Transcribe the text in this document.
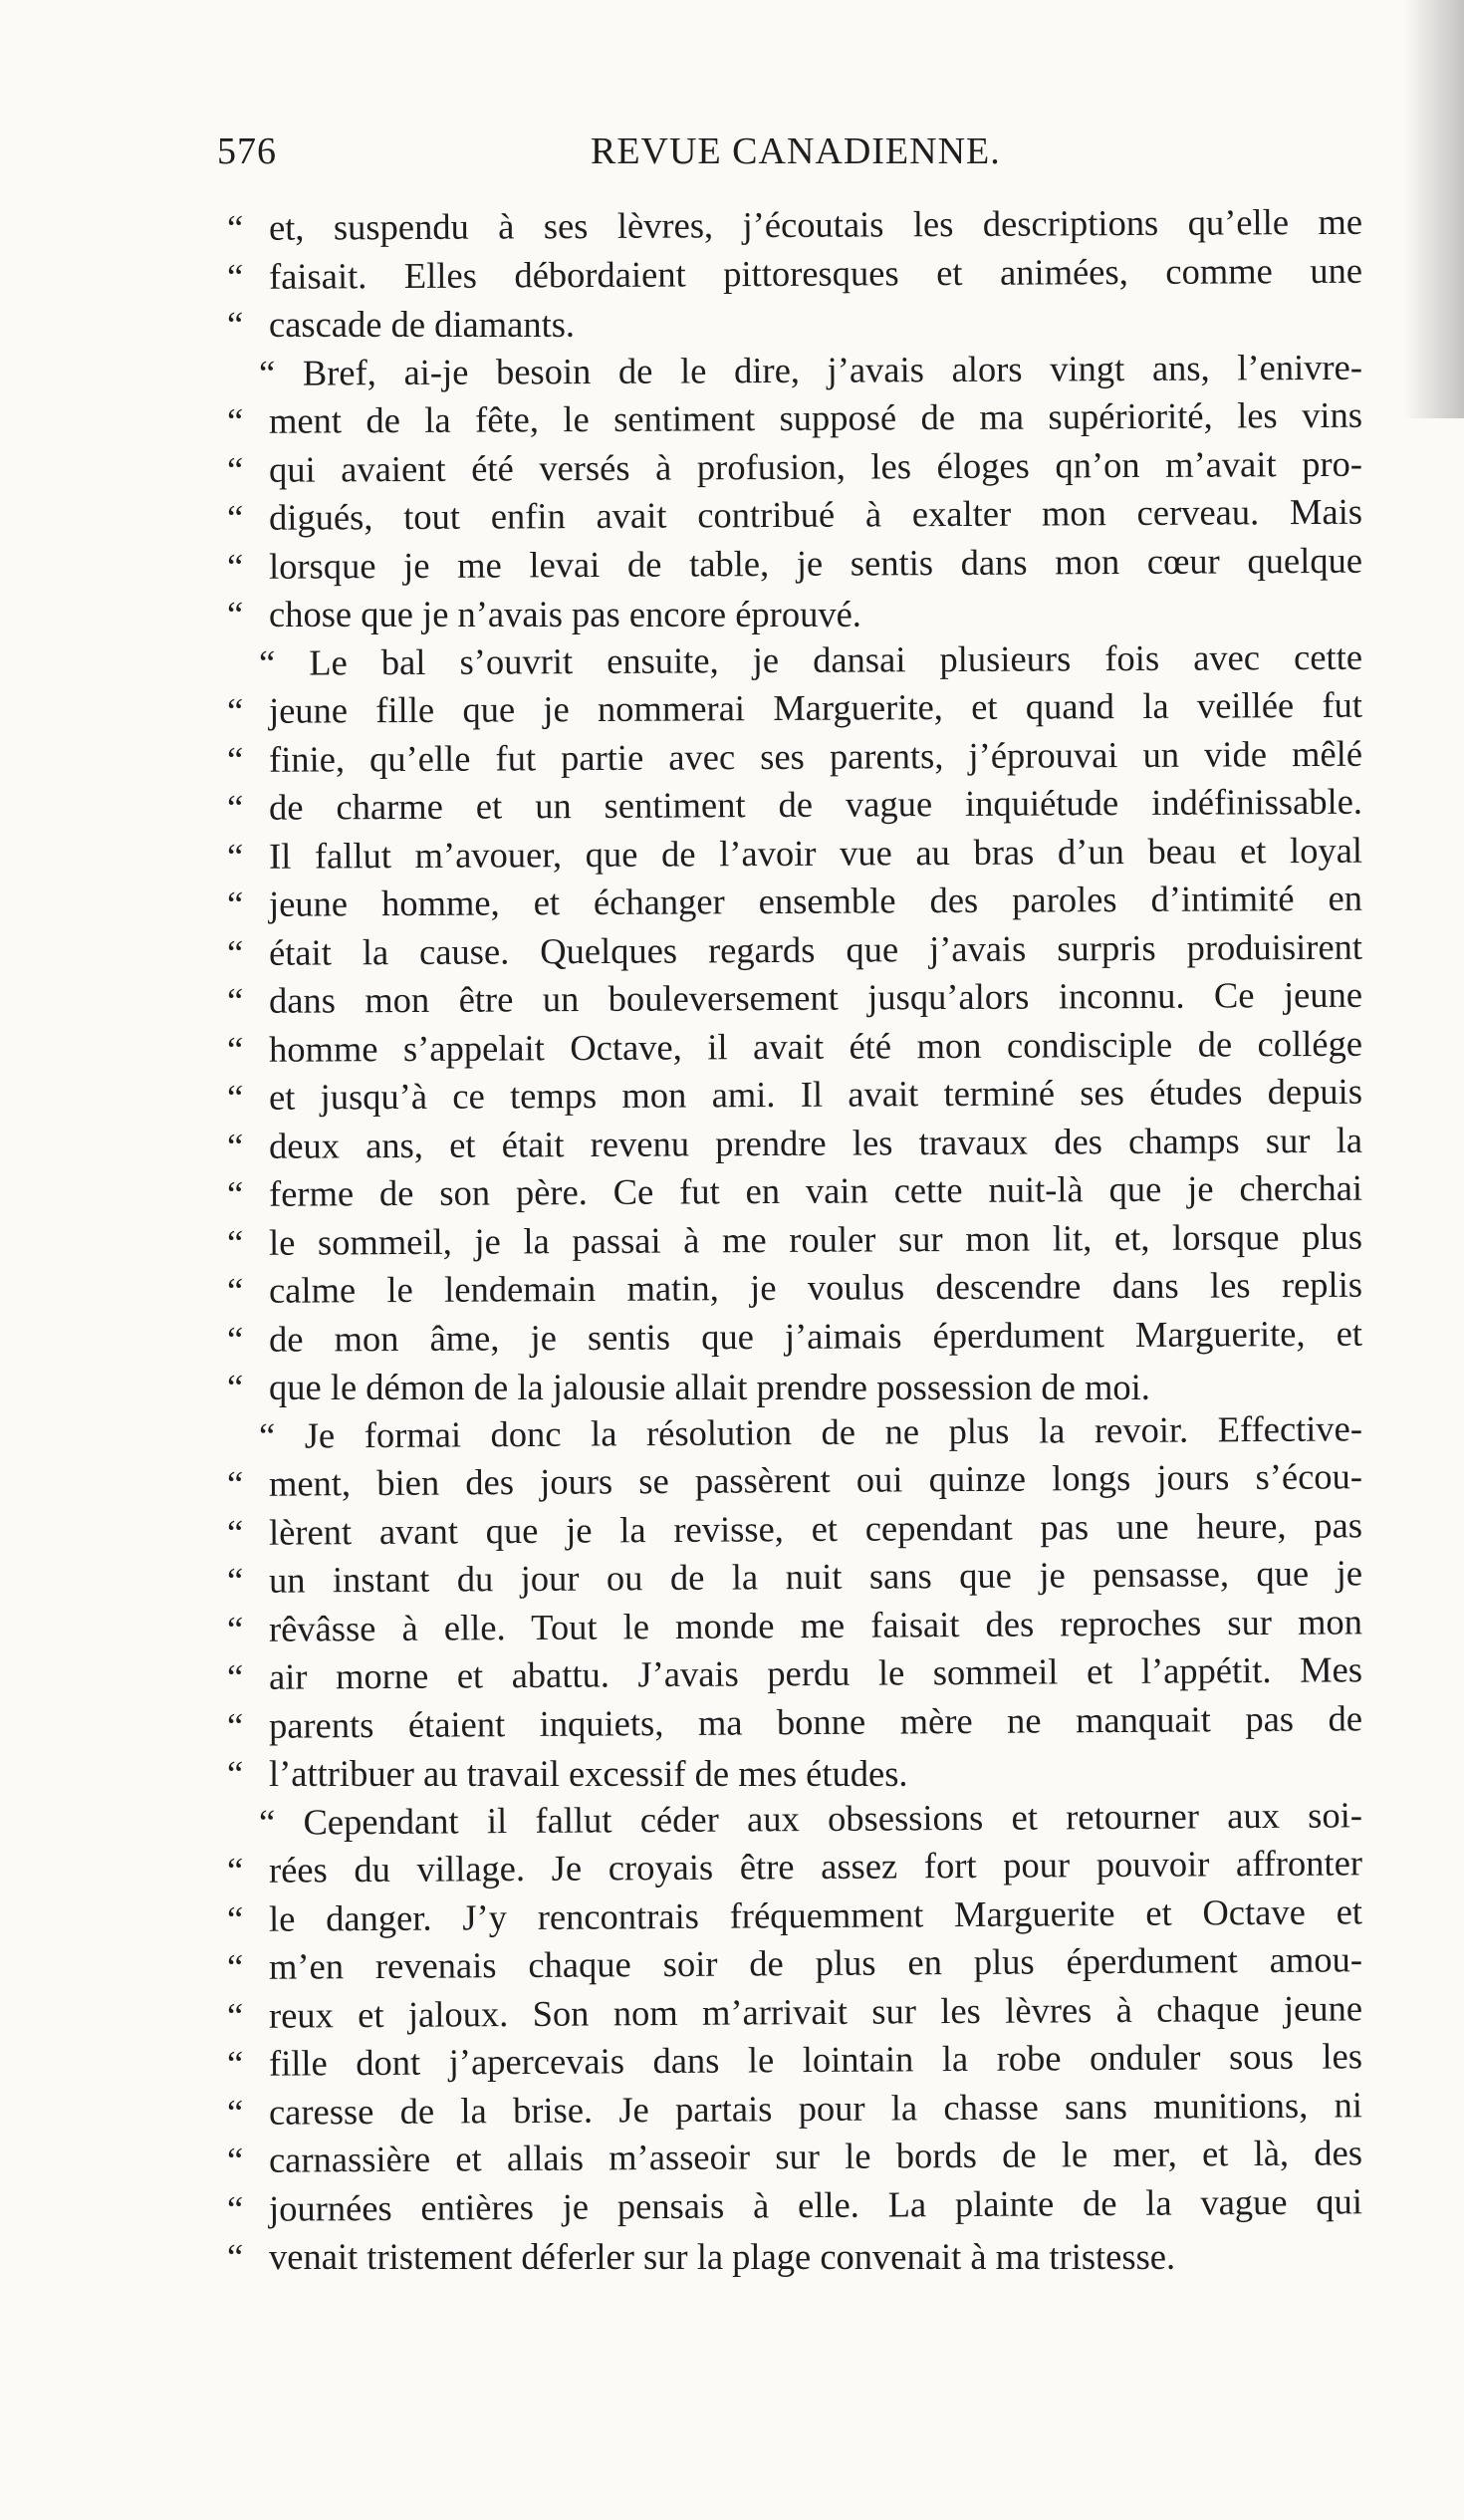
576	REVUE CANADIENNE.
“ et, suspendu à ses lèvres, j’écoutais les descriptions qu’elle me
“ faisait. Elles débordaient pittoresques et animées, comme une
“ cascade de diamants.
“ Bref, ai-je besoin de le dire, j’avais alors vingt ans, l’enivre-
“ ment de la fête, le sentiment supposé de ma supériorité, les vins
“ qui avaient été versés à profusion, les éloges qn’on m’avait pro-
“ digués, tout enfin avait contribué à exalter mon cerveau. Mais
“ lorsque je me levai de table, je sentis dans mon cœur quelque
“ chose que je n’avais pas encore éprouvé.
“ Le bal s’ouvrit ensuite, je dansai plusieurs fois avec cette
“ jeune fille que je nommerai Marguerite, et quand la veillée fut
“ finie, qu’elle fut partie avec ses parents, j’éprouvai un vide mêlé
“ de charme et un sentiment de vague inquiétude indéfinissable.
“ Il fallut m’avouer, que de l’avoir vue au bras d’un beau et loyal
“ jeune homme, et échanger ensemble des paroles d’intimité en
“ était la cause. Quelques regards que j’avais surpris produisirent
“ dans mon être un bouleversement jusqu’alors inconnu. Ce jeune
“ homme s’appelait Octave, il avait été mon condisciple de collége
“ et jusqu’à ce temps mon ami. Il avait terminé ses études depuis
“ deux ans, et était revenu prendre les travaux des champs sur la
“ ferme de son père. Ce fut en vain cette nuit-là que je cherchai
“ le sommeil, je la passai à me rouler sur mon lit, et, lorsque plus
“ calme le lendemain matin, je voulus descendre dans les replis
“ de mon âme, je sentis que j’aimais éperdument Marguerite, et
“ que le démon de la jalousie allait prendre possession de moi.
“ Je formai donc la résolution de ne plus la revoir. Effective-
“ ment, bien des jours se passèrent oui quinze longs jours s’écou-
“ lèrent avant que je la revisse, et cependant pas une heure, pas
“ un instant du jour ou de la nuit sans que je pensasse, que je
“ rêvâsse à elle. Tout le monde me faisait des reproches sur mon
“ air morne et abattu. J’avais perdu le sommeil et l’appétit. Mes
“ parents étaient inquiets, ma bonne mère ne manquait pas de
“ l’attribuer au travail excessif de mes études.
“ Cependant il fallut céder aux obsessions et retourner aux soi-
“ rées du village. Je croyais être assez fort pour pouvoir affronter
“ le danger. J’y rencontrais fréquemment Marguerite et Octave et
“ m’en revenais chaque soir de plus en plus éperdument amou-
“ reux et jaloux. Son nom m’arrivait sur les lèvres à chaque jeune
“ fille dont j’apercevais dans le lointain la robe onduler sous les
“ caresse de la brise. Je partais pour la chasse sans munitions, ni
“ carnassière et allais m’asseoir sur le bords de le mer, et là, des
“ journées entières je pensais à elle. La plainte de la vague qui
“ venait tristement déferler sur la plage convenait à ma tristesse.
